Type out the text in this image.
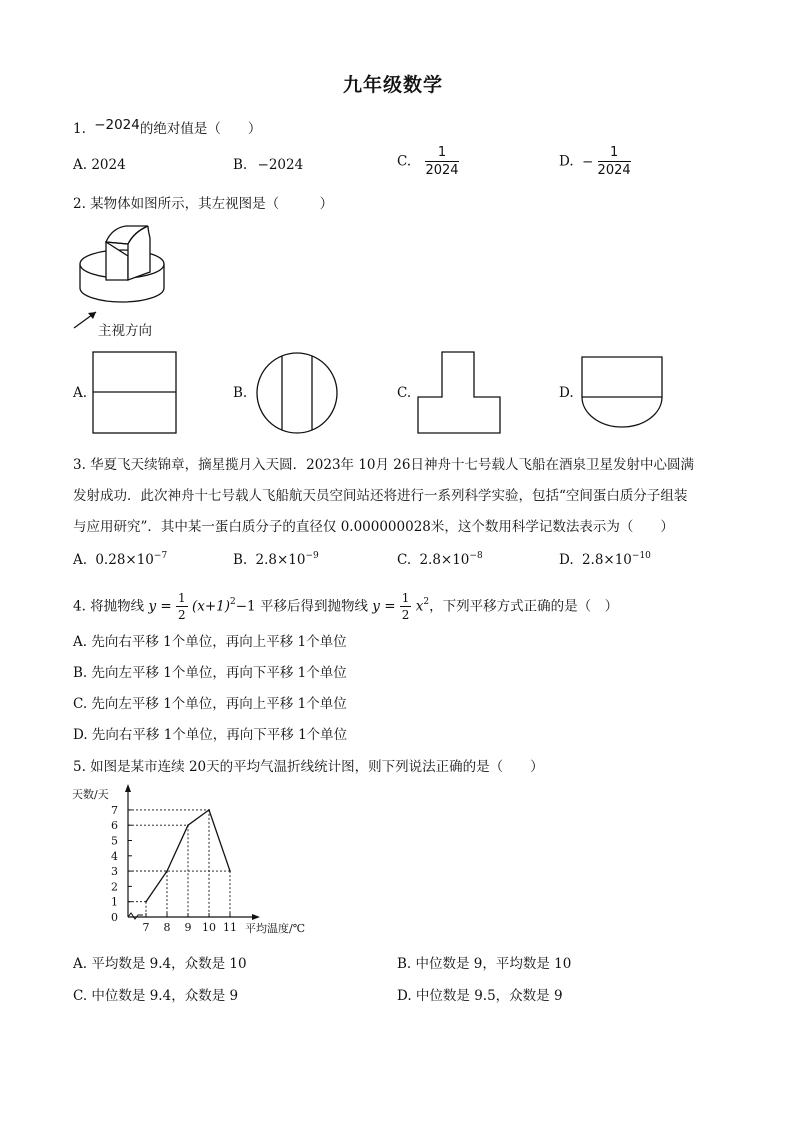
九年级数学
1. −2024的绝对值是（　　）
A. 2024	B. −2024	C. $\frac{1}{2024}$	D. − $\frac{1}{2024}$
2. 某物体如图所示，其左视图是（　　　）
主视方向
A.	B.	C.	D.
3. 华夏飞天续锦章，摘星揽月入天圆．2023年 10月 26日神舟十七号载人飞船在酒泉卫星发射中心圆满
发射成功．此次神舟十七号载人飞船航天员空间站还将进行一系列科学实验，包括“空间蛋白质分子组装
与应用研究”．其中某一蛋白质分子的直径仅 0.000000028米，这个数用科学记数法表示为（　　）
A. $0.28\times 10^{-7}$	B. $2.8\times 10^{-9}$	C. $2.8\times 10^{-8}$	D. $2.8\times 10^{-10}$
4. 将抛物线 $y = \frac{1}{2} (x+1)^2-1$ 平移后得到抛物线 $y = \frac{1}{2} x^2$，下列平移方式正确的是（　）
A. 先向右平移 1个单位，再向上平移 1个单位
B. 先向左平移 1个单位，再向下平移 1个单位
C. 先向左平移 1个单位，再向上平移 1个单位
D. 先向右平移 1个单位，再向下平移 1个单位
5. 如图是某市连续 20天的平均气温折线统计图，则下列说法正确的是（　　）
天数/天
平均温度/℃
0
1
2
3
4
5
6
7
7 8 9 10 11
A. 平均数是 9.4，众数是 10	B. 中位数是 9，平均数是 10
C. 中位数是 9.4，众数是 9	D. 中位数是 9.5，众数是 9
